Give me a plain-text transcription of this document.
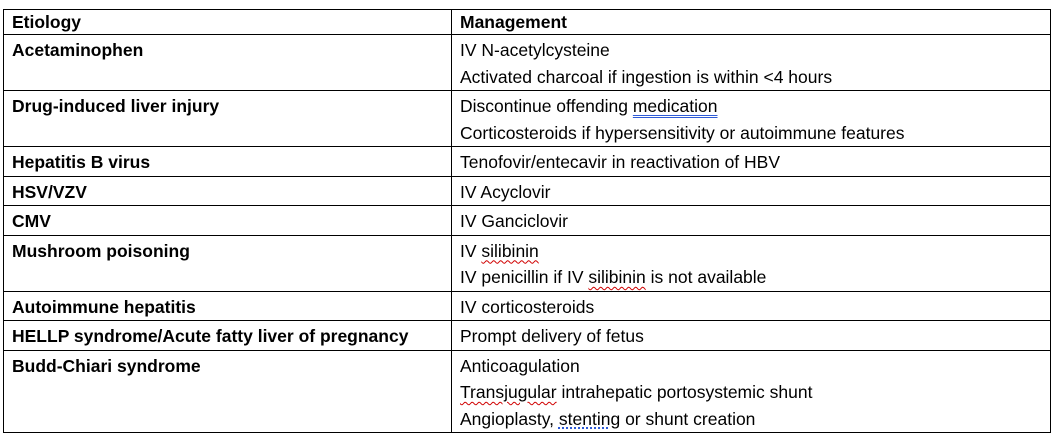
Etiology	Management
Acetaminophen	IV N-acetylcysteine
Activated charcoal if ingestion is within <4 hours

Drug-induced liver injury	Discontinue offending medication
Corticosteroids if hypersensitivity or autoimmune features

Hepatitis B virus	Tenofovir/entecavir in reactivation of HBV

HSV/VZV	IV Acyclovir

CMV	IV Ganciclovir

Mushroom poisoning	IV silibinin
IV penicillin if IV silibinin is not available

Autoimmune hepatitis	IV corticosteroids

HELLP syndrome/Acute fatty liver of pregnancy	Prompt delivery of fetus

Budd-Chiari syndrome	Anticoagulation
Transjugular intrahepatic portosystemic shunt
Angioplasty, stenting or shunt creation
